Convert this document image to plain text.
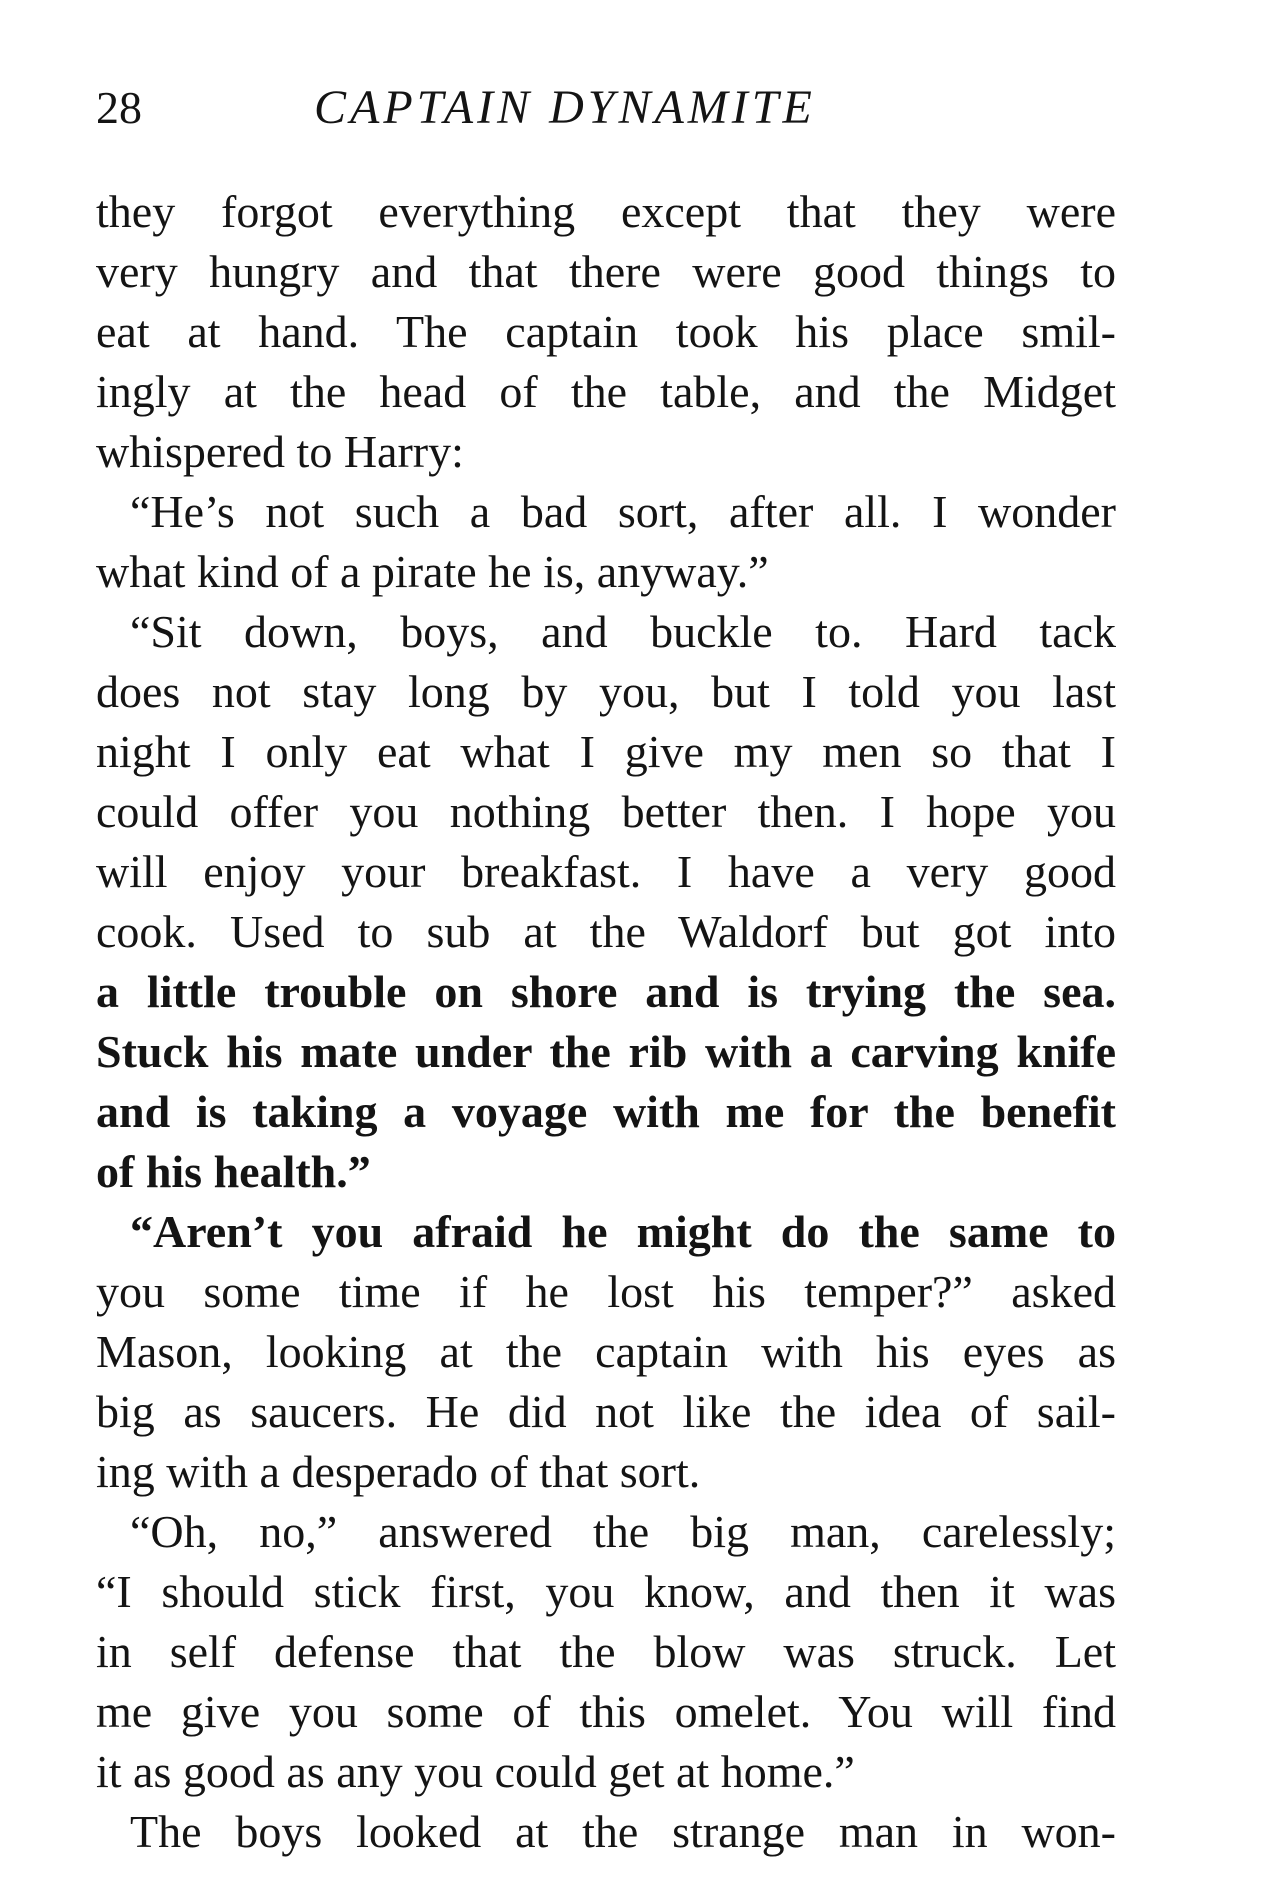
28	CAPTAIN DYNAMITE
they forgot everything except that they were
very hungry and that there were good things to
eat at hand. The captain took his place smil-
ingly at the head of the table, and the Midget
whispered to Harry:
“He’s not such a bad sort, after all. I wonder
what kind of a pirate he is, anyway.”
“Sit down, boys, and buckle to. Hard tack
does not stay long by you, but I told you last
night I only eat what I give my men so that I
could offer you nothing better then. I hope you
will enjoy your breakfast. I have a very good
cook. Used to sub at the Waldorf but got into
a little trouble on shore and is trying the sea.
Stuck his mate under the rib with a carving knife
and is taking a voyage with me for the benefit
of his health.”
“Aren’t you afraid he might do the same to
you some time if he lost his temper?” asked
Mason, looking at the captain with his eyes as
big as saucers. He did not like the idea of sail-
ing with a desperado of that sort.
“Oh, no,” answered the big man, carelessly;
“I should stick first, you know, and then it was
in self defense that the blow was struck. Let
me give you some of this omelet. You will find
it as good as any you could get at home.”
The boys looked at the strange man in won-
